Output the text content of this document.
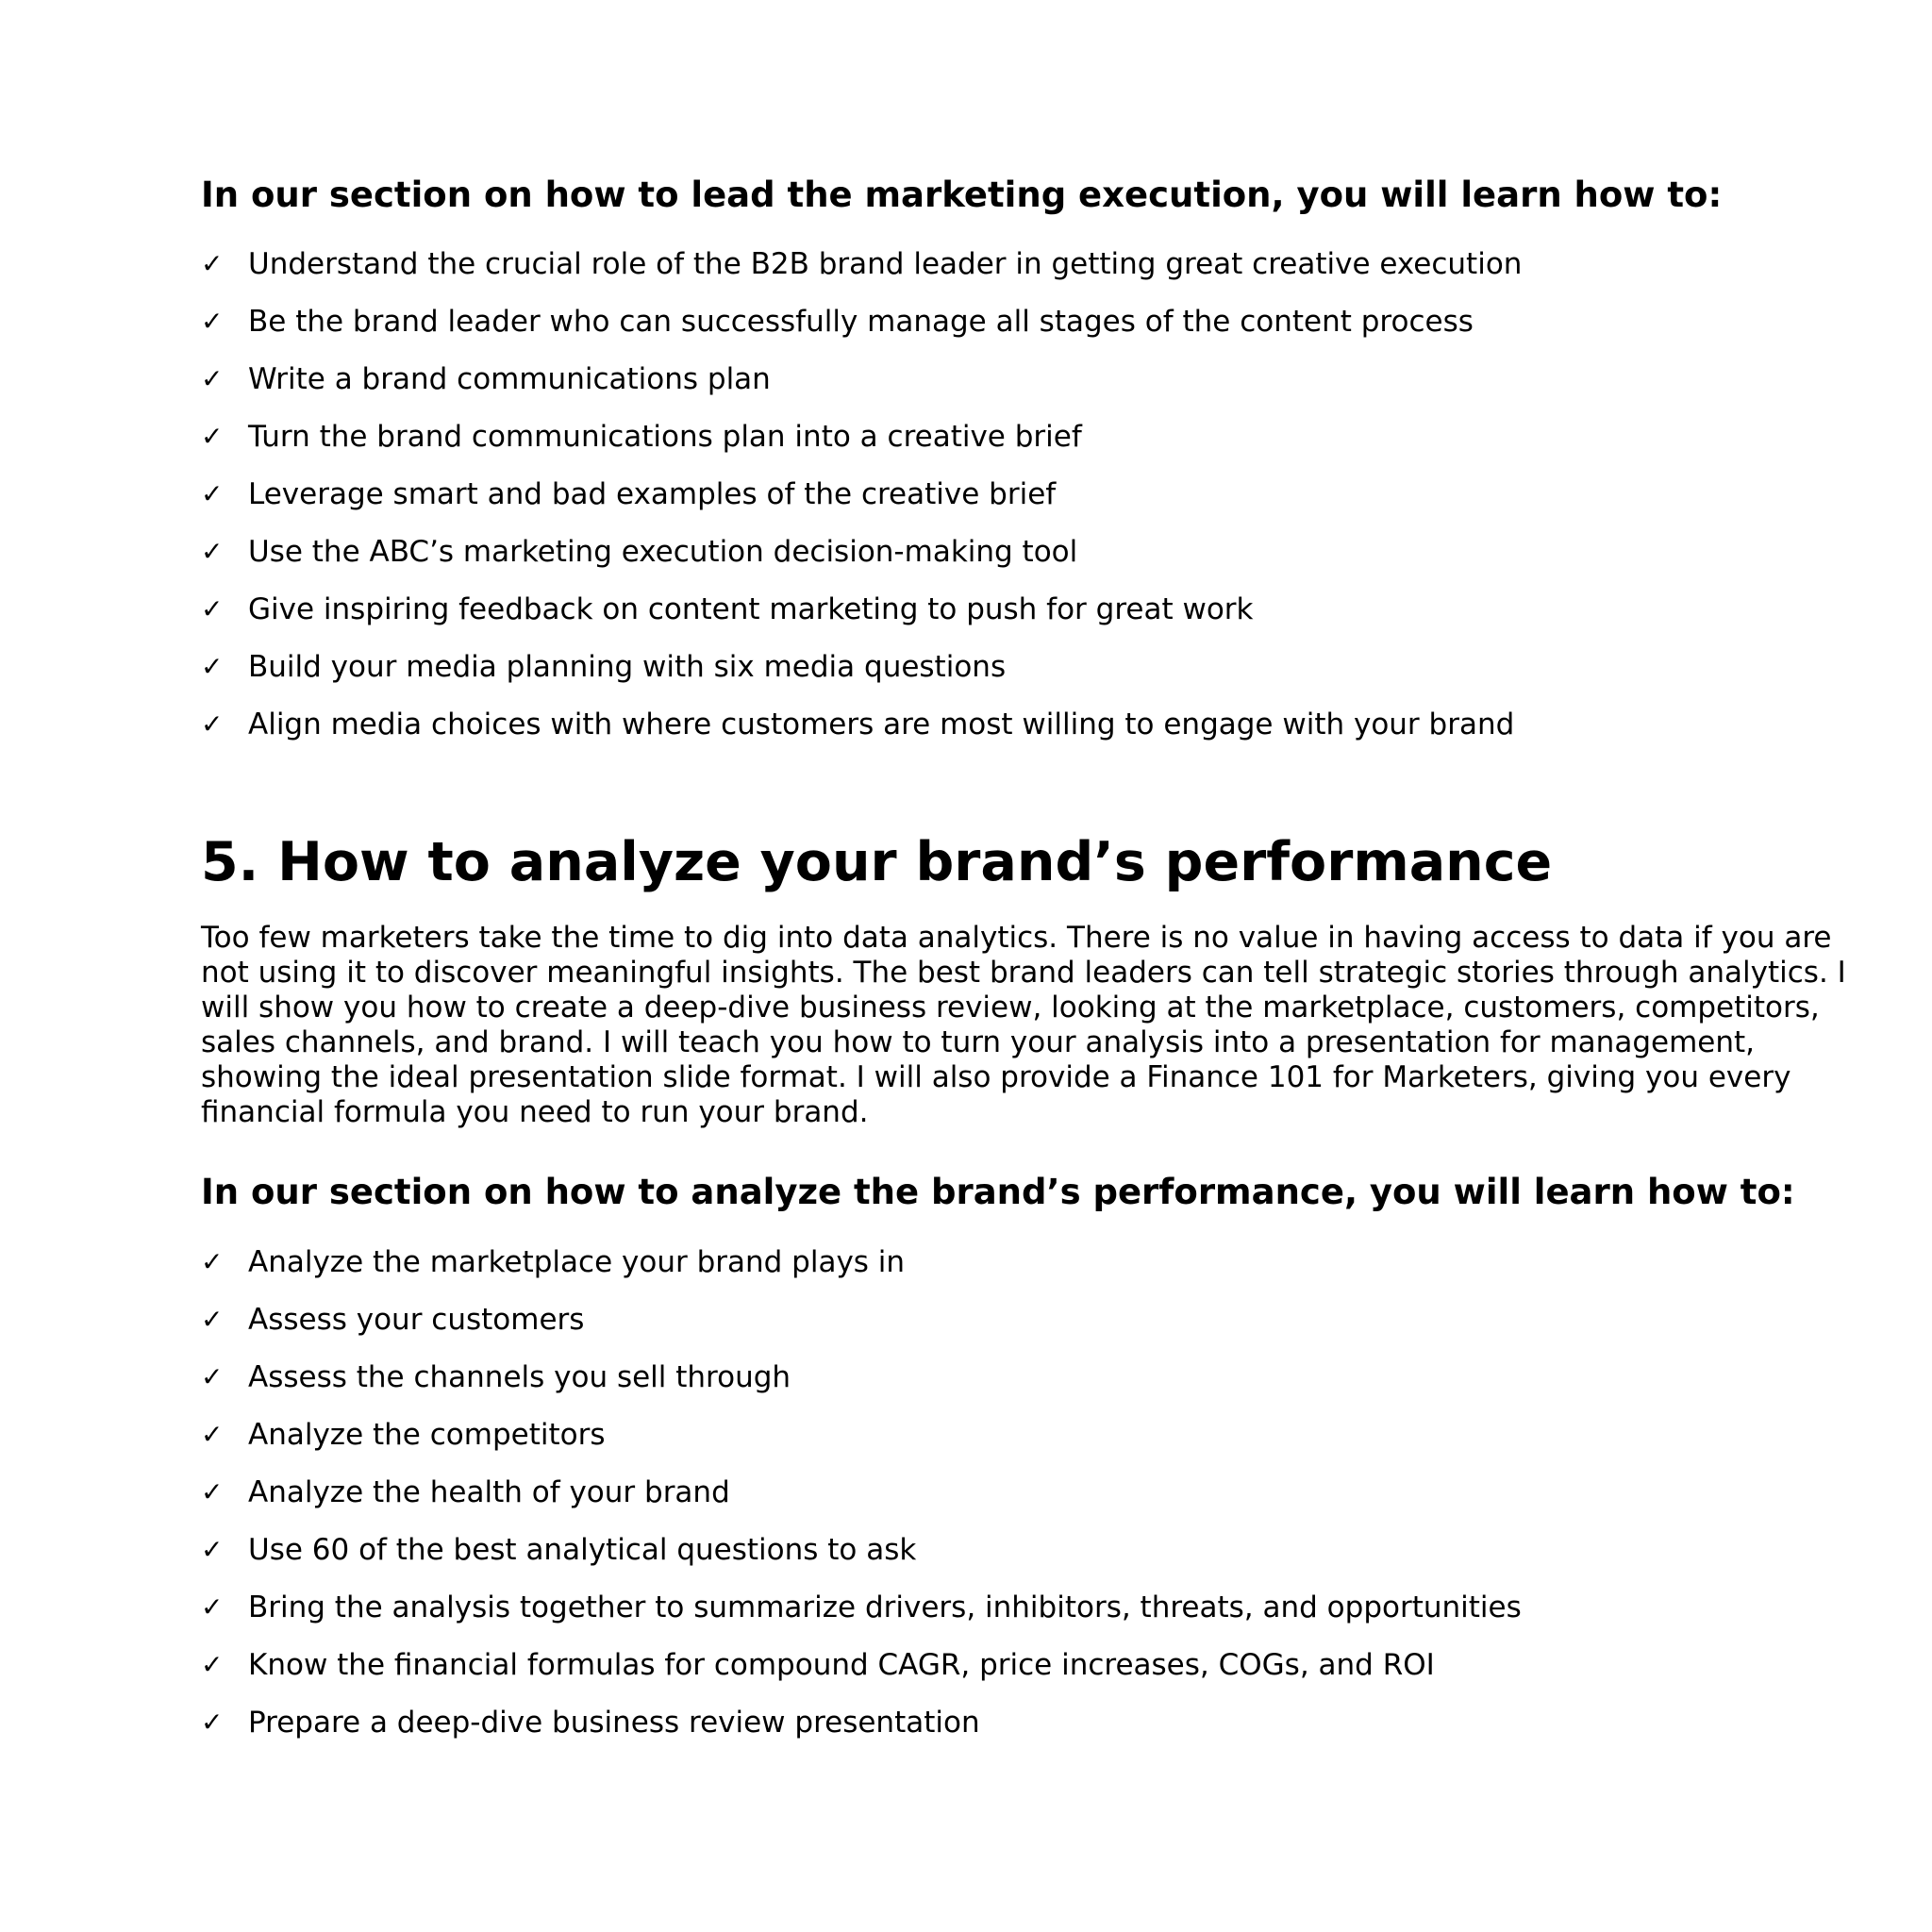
In our section on how to lead the marketing execution, you will learn how to:
✓ Understand the crucial role of the B2B brand leader in getting great creative execution
✓ Be the brand leader who can successfully manage all stages of the content process
✓ Write a brand communications plan
✓ Turn the brand communications plan into a creative brief
✓ Leverage smart and bad examples of the creative brief
✓ Use the ABC’s marketing execution decision-making tool
✓ Give inspiring feedback on content marketing to push for great work
✓ Build your media planning with six media questions
✓ Align media choices with where customers are most willing to engage with your brand
5. How to analyze your brand’s performance

Too few marketers take the time to dig into data analytics. There is no value in having access to data if you are
not using it to discover meaningful insights. The best brand leaders can tell strategic stories through analytics. I
will show you how to create a deep-dive business review, looking at the marketplace, customers, competitors,
sales channels, and brand. I will teach you how to turn your analysis into a presentation for management,
showing the ideal presentation slide format. I will also provide a Finance 101 for Marketers, giving you every
financial formula you need to run your brand.

In our section on how to analyze the brand’s performance, you will learn how to:
✓ Analyze the marketplace your brand plays in
✓ Assess your customers
✓ Assess the channels you sell through
✓ Analyze the competitors
✓ Analyze the health of your brand
✓ Use 60 of the best analytical questions to ask
✓ Bring the analysis together to summarize drivers, inhibitors, threats, and opportunities
✓ Know the financial formulas for compound CAGR, price increases, COGs, and ROI
✓ Prepare a deep-dive business review presentation
